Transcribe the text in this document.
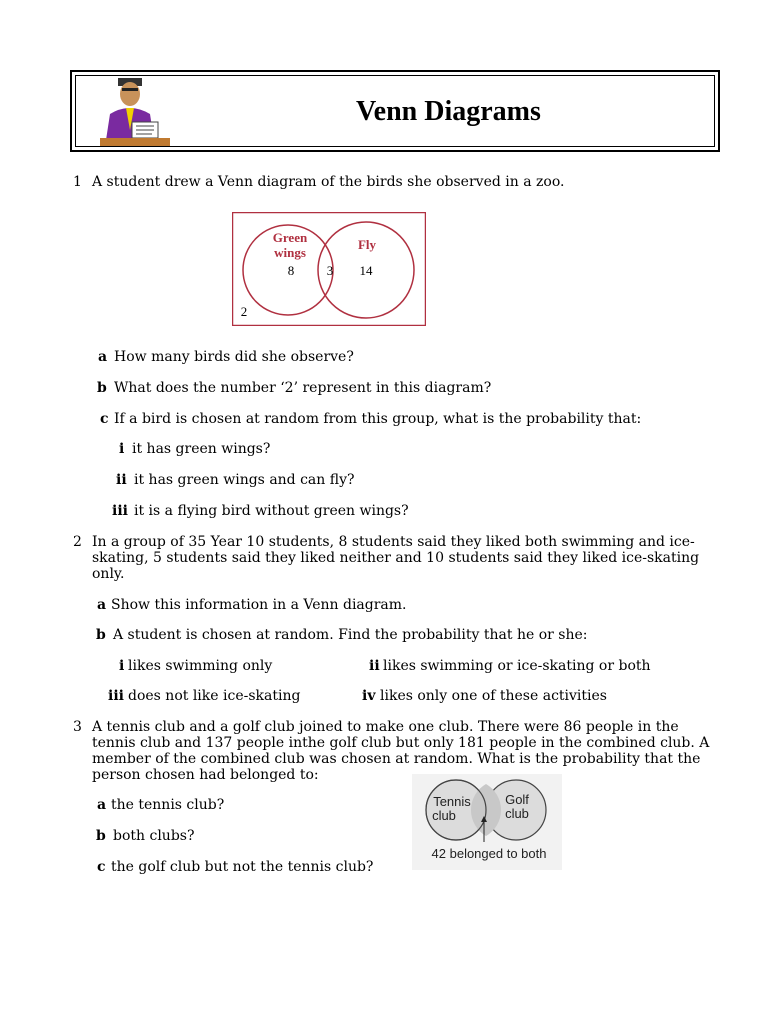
Venn Diagrams
1 A student drew a Venn diagram of the birds she observed in a zoo.
Green
wings
Fly
8	3 14
2
a How many birds did she observe?
b What does the number ‘2’ represent in this diagram?
c If a bird is chosen at random from this group, what is the probability that:
i it has green wings?
ii it has green wings and can fly?
iii it is a flying bird without green wings?
2 In a group of 35 Year 10 students, 8 students said they liked both swimming and ice-
skating, 5 students said they liked neither and 10 students said they liked ice-skating
only.
a Show this information in a Venn diagram.
b A student is chosen at random. Find the probability that he or she:
i likes swimming only	ii likes swimming or ice-skating or both
iii does not like ice-skating	iv likes only one of these activities
3 A tennis club and a golf club joined to make one club. There were 86 people in the
tennis club and 137 people inthe golf club but only 181 people in the combined club. A
member of the combined club was chosen at random. What is the probability that the
person chosen had belonged to:
a the tennis club?
b both clubs?
c the golf club but not the tennis club?
Tennis
club
Golf
club
42 belonged to both
